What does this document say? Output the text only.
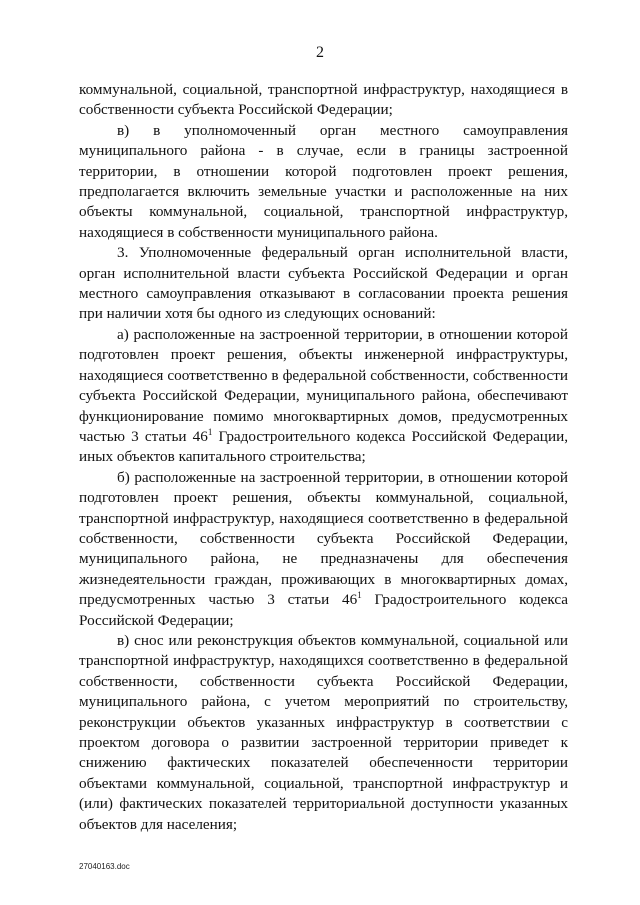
2

коммунальной, социальной, транспортной инфраструктур, находящиеся в собственности субъекта Российской Федерации;

в) в уполномоченный орган местного самоуправления муниципального района - в случае, если в границы застроенной территории, в отношении которой подготовлен проект решения, предполагается включить земельные участки и расположенные на них объекты коммунальной, социальной, транспортной инфраструктур, находящиеся в собственности муниципального района.

3. Уполномоченные федеральный орган исполнительной власти, орган исполнительной власти субъекта Российской Федерации и орган местного самоуправления отказывают в согласовании проекта решения при наличии хотя бы одного из следующих оснований:

а) расположенные на застроенной территории, в отношении которой подготовлен проект решения, объекты инженерной инфраструктуры, находящиеся соответственно в федеральной собственности, собственности субъекта Российской Федерации, муниципального района, обеспечивают функционирование помимо многоквартирных домов, предусмотренных частью 3 статьи $46^1$ Градостроительного кодекса Российской Федерации, иных объектов капитального строительства;

б) расположенные на застроенной территории, в отношении которой подготовлен проект решения, объекты коммунальной, социальной, транспортной инфраструктур, находящиеся соответственно в федеральной собственности, собственности субъекта Российской Федерации, муниципального района, не предназначены для обеспечения жизнедеятельности граждан, проживающих в многоквартирных домах, предусмотренных частью 3 статьи $46^1$ Градостроительного кодекса Российской Федерации;

в) снос или реконструкция объектов коммунальной, социальной или транспортной инфраструктур, находящихся соответственно в федеральной собственности, собственности субъекта Российской Федерации, муниципального района, с учетом мероприятий по строительству, реконструкции объектов указанных инфраструктур в соответствии с проектом договора о развитии застроенной территории приведет к снижению фактических показателей обеспеченности территории объектами коммунальной, социальной, транспортной инфраструктур и (или) фактических показателей территориальной доступности указанных объектов для населения;

27040163.doc
